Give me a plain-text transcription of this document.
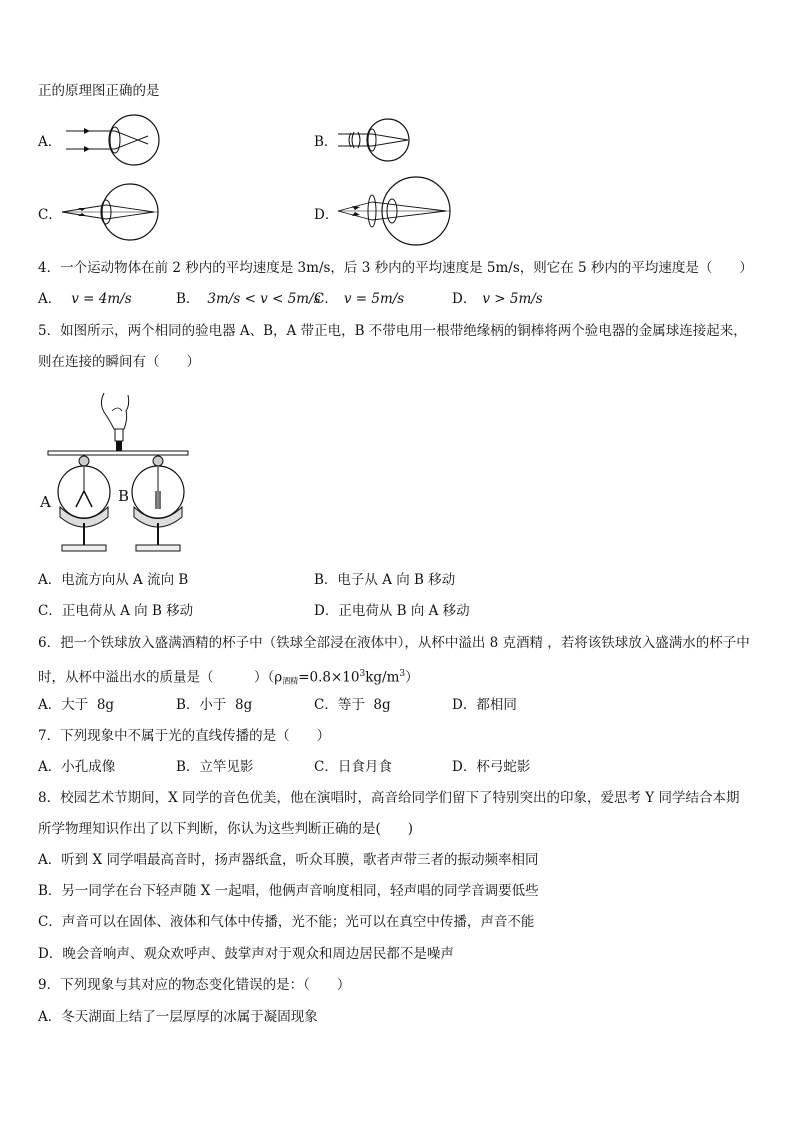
正的原理图正确的是
A．	B．
C．	D．
4．一个运动物体在前 2 秒内的平均速度是 3m/s，后 3 秒内的平均速度是 5m/s，则它在 5 秒内的平均速度是（　　）
A． v = 4m/s	B． 3m/s < v < 5m/s
C． v = 5m/s	D． v > 5m/s
5．如图所示，两个相同的验电器 A、B，A 带正电，B 不带电用一根带绝缘柄的铜棒将两个验电器的金属球连接起来，
则在连接的瞬间有（　　）
A	B
A．电流方向从 A 流向 B	B．电子从 A 向 B 移动
C．正电荷从 A 向 B 移动	D．正电荷从 B 向 A 移动
6．把一个铁球放入盛满酒精的杯子中（铁球全部浸在液体中），从杯中溢出 8 克酒精 ，若将该铁球放入盛满水的杯子中
时，从杯中溢出水的质量是（　　　）$(\rho_{酒精}=0.8\times 10^3kg/m^3)$
A．大于  8g	B．小于  8g	C．等于  8g	D．都相同
7．下列现象中不属于光的直线传播的是（　　）
A．小孔成像	B．立竿见影	C．日食月食	D．杯弓蛇影
8．校园艺术节期间，X 同学的音色优美，他在演唱时，高音给同学们留下了特别突出的印象，爱思考 Y 同学结合本期
所学物理知识作出了以下判断，你认为这些判断正确的是(　　)
A．听到 X 同学唱最高音时，扬声器纸盒，听众耳膜，歌者声带三者的振动频率相同
B．另一同学在台下轻声随 X 一起唱，他俩声音响度相同，轻声唱的同学音调要低些
C．声音可以在固体、液体和气体中传播，光不能；光可以在真空中传播，声音不能
D．晚会音响声、观众欢呼声、鼓掌声对于观众和周边居民都不是噪声
9．下列现象与其对应的物态变化错误的是：（　　）
A．冬天湖面上结了一层厚厚的冰属于凝固现象
